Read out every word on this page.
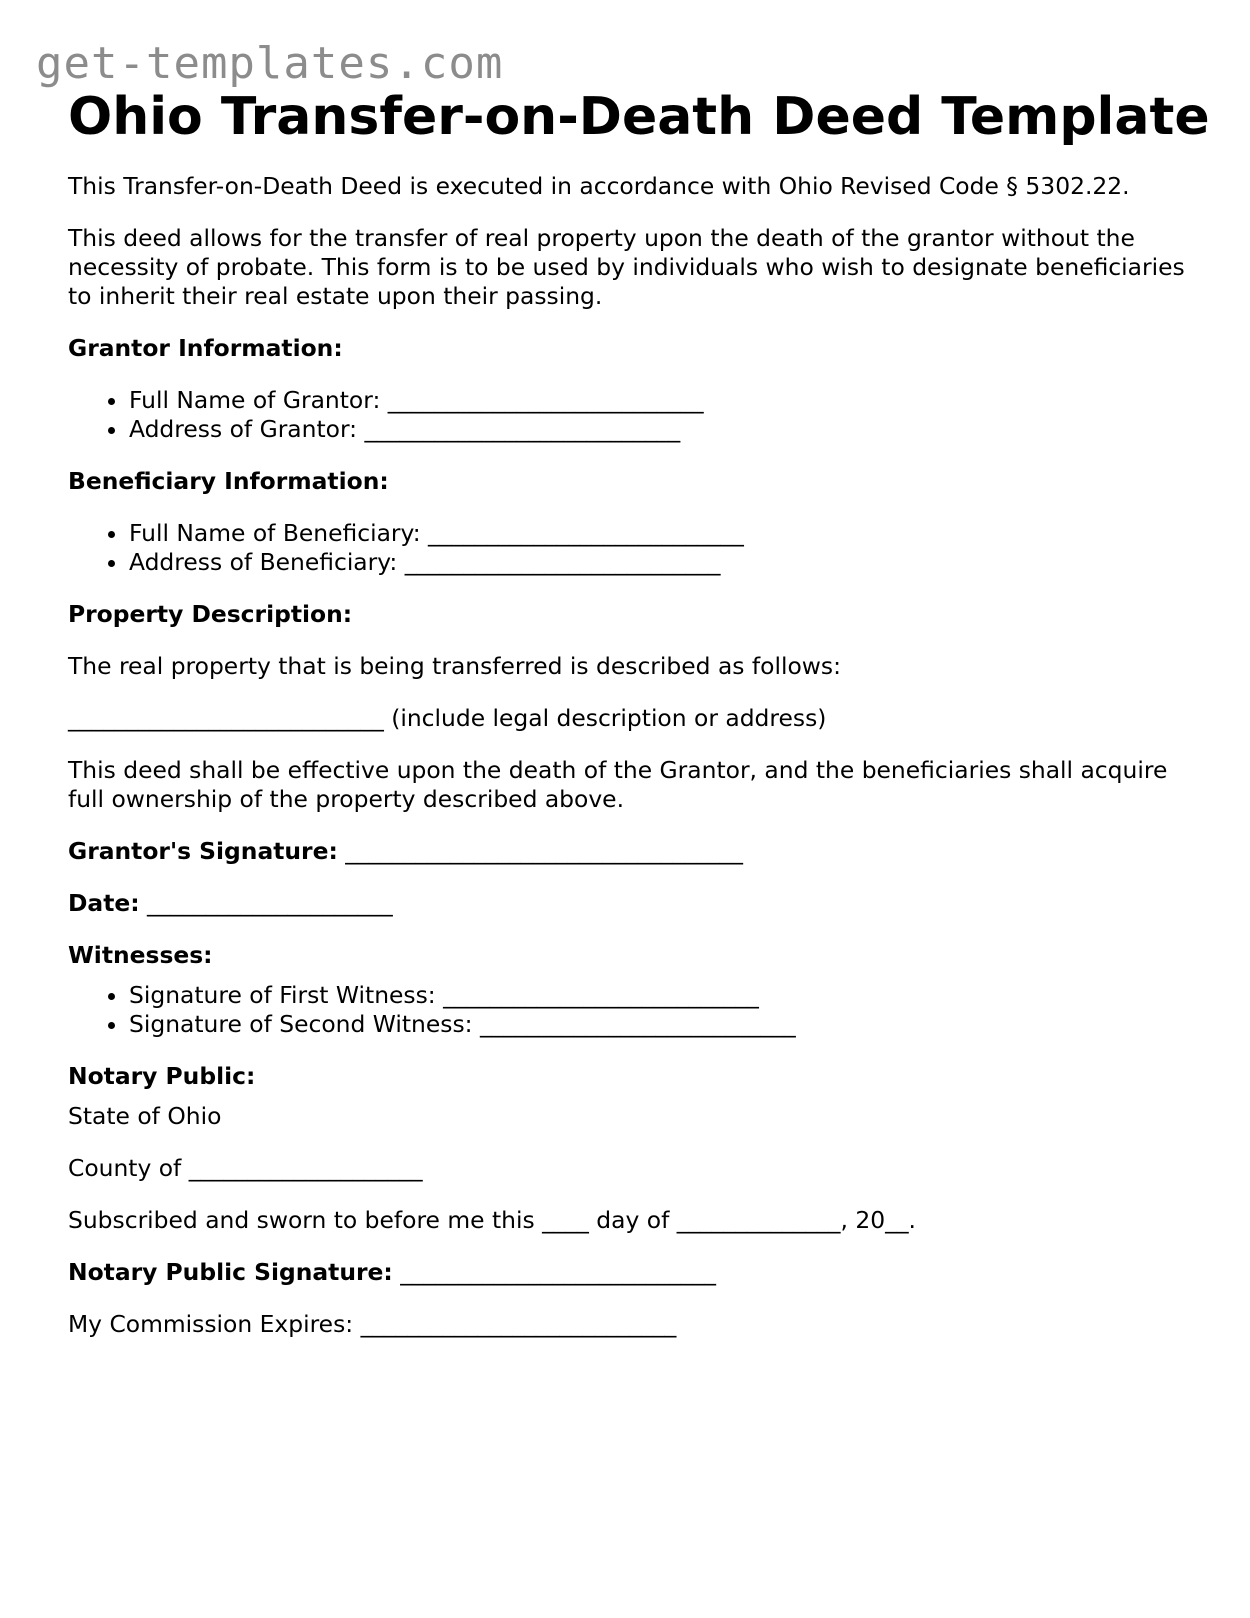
get-templates.com
Ohio Transfer-on-Death Deed Template

This Transfer-on-Death Deed is executed in accordance with Ohio Revised Code § 5302.22.

This deed allows for the transfer of real property upon the death of the grantor without the necessity of probate. This form is to be used by individuals who wish to designate beneficiaries to inherit their real estate upon their passing.

Grantor Information:

• Full Name of Grantor: ___________________________
• Address of Grantor: ___________________________

Beneficiary Information:

• Full Name of Beneficiary: ___________________________
• Address of Beneficiary: ___________________________

Property Description:

The real property that is being transferred is described as follows:

___________________________ (include legal description or address)

This deed shall be effective upon the death of the Grantor, and the beneficiaries shall acquire full ownership of the property described above.

Grantor's Signature: __________________________________

Date: _____________________

Witnesses:

• Signature of First Witness: ___________________________
• Signature of Second Witness: ___________________________

Notary Public:

State of Ohio

County of ____________________

Subscribed and sworn to before me this ____ day of ______________, 20__.

Notary Public Signature: ___________________________

My Commission Expires: ___________________________
